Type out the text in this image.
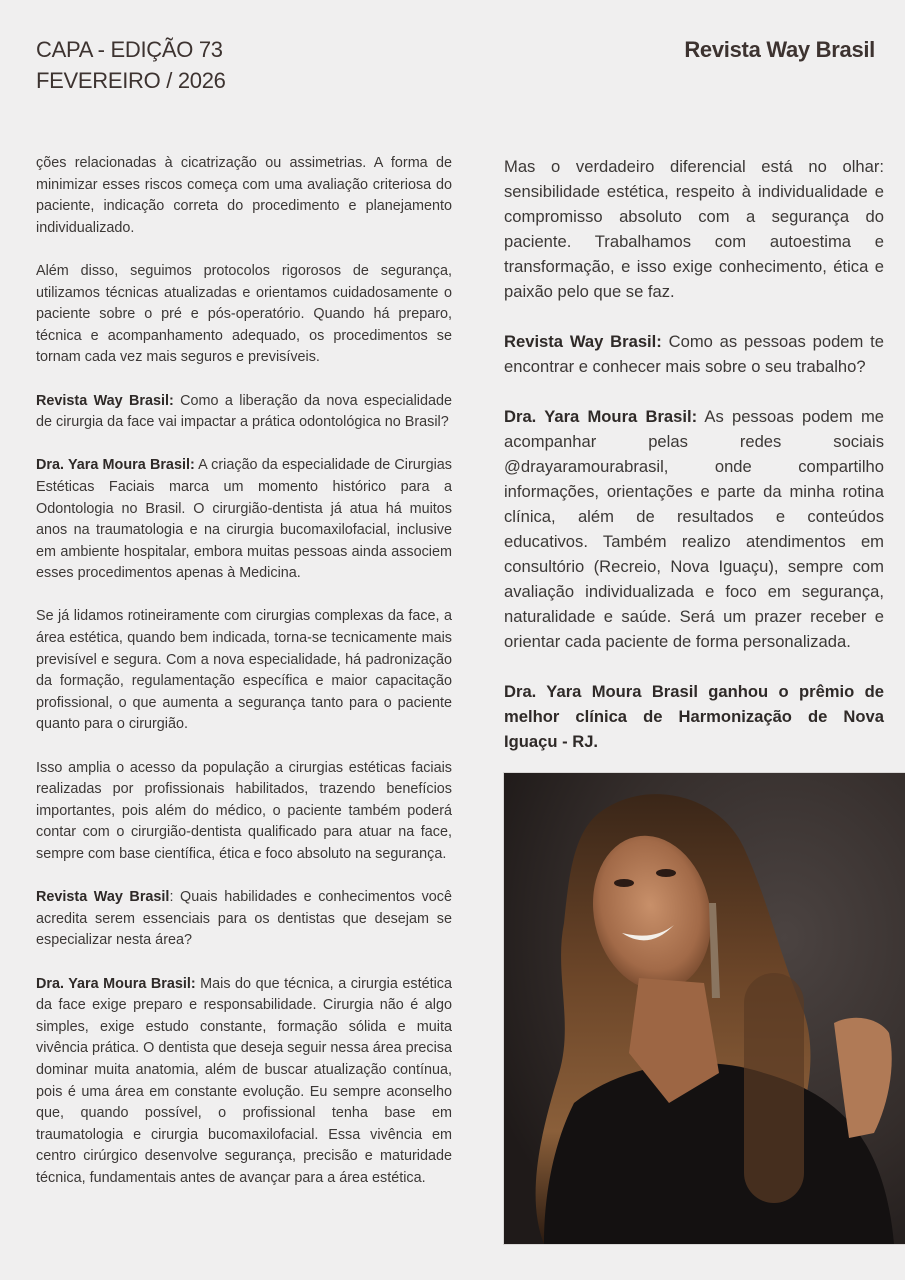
CAPA - EDIÇÃO 73
FEVEREIRO / 2026
Revista Way Brasil

ções relacionadas à cicatrização ou assimetrias. A forma de minimizar esses riscos começa com uma avaliação criteriosa do paciente, indicação correta do procedimento e planejamento individualizado.

Além disso, seguimos protocolos rigorosos de segurança, utilizamos técnicas atualizadas e orientamos cuidadosamente o paciente sobre o pré e pós-operatório. Quando há preparo, técnica e acompanhamento adequado, os procedimentos se tornam cada vez mais seguros e previsíveis.

Revista Way Brasil: Como a liberação da nova especialidade de cirurgia da face vai impactar a prática odontológica no Brasil?

Dra. Yara Moura Brasil: A criação da especialidade de Cirurgias Estéticas Faciais marca um momento histórico para a Odontologia no Brasil. O cirurgião-dentista já atua há muitos anos na traumatologia e na cirurgia bucomaxilofacial, inclusive em ambiente hospitalar, embora muitas pessoas ainda associem esses procedimentos apenas à Medicina.

Se já lidamos rotineiramente com cirurgias complexas da face, a área estética, quando bem indicada, torna-se tecnicamente mais previsível e segura. Com a nova especialidade, há padronização da formação, regulamentação específica e maior capacitação profissional, o que aumenta a segurança tanto para o paciente quanto para o cirurgião.

Isso amplia o acesso da população a cirurgias estéticas faciais realizadas por profissionais habilitados, trazendo benefícios importantes, pois além do médico, o paciente também poderá contar com o cirurgião-dentista qualificado para atuar na face, sempre com base científica, ética e foco absoluto na segurança.

Revista Way Brasil: Quais habilidades e conhecimentos você acredita serem essenciais para os dentistas que desejam se especializar nesta área?

Dra. Yara Moura Brasil: Mais do que técnica, a cirurgia estética da face exige preparo e responsabilidade. Cirurgia não é algo simples, exige estudo constante, formação sólida e muita vivência prática. O dentista que deseja seguir nessa área precisa dominar muita anatomia, além de buscar atualização contínua, pois é uma área em constante evolução. Eu sempre aconselho que, quando possível, o profissional tenha base em traumatologia e cirurgia bucomaxilofacial. Essa vivência em centro cirúrgico desenvolve segurança, precisão e maturidade técnica, fundamentais antes de avançar para a área estética.

Mas o verdadeiro diferencial está no olhar: sensibilidade estética, respeito à individualidade e compromisso absoluto com a segurança do paciente. Trabalhamos com autoestima e transformação, e isso exige conhecimento, ética e paixão pelo que se faz.

Revista Way Brasil: Como as pessoas podem te encontrar e conhecer mais sobre o seu trabalho?

Dra. Yara Moura Brasil: As pessoas podem me acompanhar pelas redes sociais @drayaramourabrasil, onde compartilho informações, orientações e parte da minha rotina clínica, além de resultados e conteúdos educativos. Também realizo atendimentos em consultório (Recreio, Nova Iguaçu), sempre com avaliação individualizada e foco em segurança, naturalidade e saúde. Será um prazer receber e orientar cada paciente de forma personalizada.

Dra. Yara Moura Brasil ganhou o prêmio de melhor clínica de Harmonização de Nova Iguaçu - RJ.
